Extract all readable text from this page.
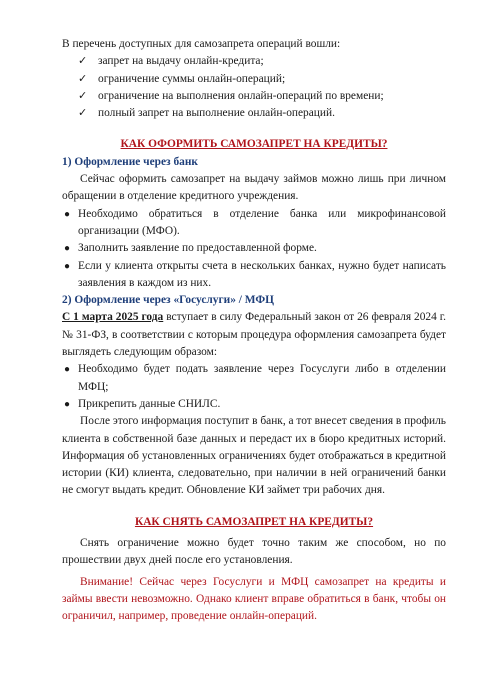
В перечень доступных для самозапрета операций вошли:

✓ запрет на выдачу онлайн-кредита;
✓ ограничение суммы онлайн-операций;
✓ ограничение на выполнения онлайн-операций по времени;
✓ полный запрет на выполнение онлайн-операций.

КАК ОФОРМИТЬ САМОЗАПРЕТ НА КРЕДИТЫ?

1) Оформление через банк

Сейчас оформить самозапрет на выдачу займов можно лишь при личном обращении в отделение кредитного учреждения.

● Необходимо обратиться в отделение банка или микрофинансовой организации (МФО).
● Заполнить заявление по предоставленной форме.
● Если у клиента открыты счета в нескольких банках, нужно будет написать заявления в каждом из них.

2) Оформление через «Госуслуги» / МФЦ

С 1 марта 2025 года вступает в силу Федеральный закон от 26 февраля 2024 г. № 31-ФЗ, в соответствии с которым процедура оформления самозапрета будет выглядеть следующим образом:

● Необходимо будет подать заявление через Госуслуги либо в отделении МФЦ;
● Прикрепить данные СНИЛС.

После этого информация поступит в банк, а тот внесет сведения в профиль клиента в собственной базе данных и передаст их в бюро кредитных историй. Информация об установленных ограничениях будет отображаться в кредитной истории (КИ) клиента, следовательно, при наличии в ней ограничений банки не смогут выдать кредит. Обновление КИ займет три рабочих дня.

КАК СНЯТЬ САМОЗАПРЕТ НА КРЕДИТЫ?

Снять ограничение можно будет точно таким же способом, но по прошествии двух дней после его установления.

Внимание! Сейчас через Госуслуги и МФЦ самозапрет на кредиты и займы ввести невозможно. Однако клиент вправе обратиться в банк, чтобы он ограничил, например, проведение онлайн-операций.
